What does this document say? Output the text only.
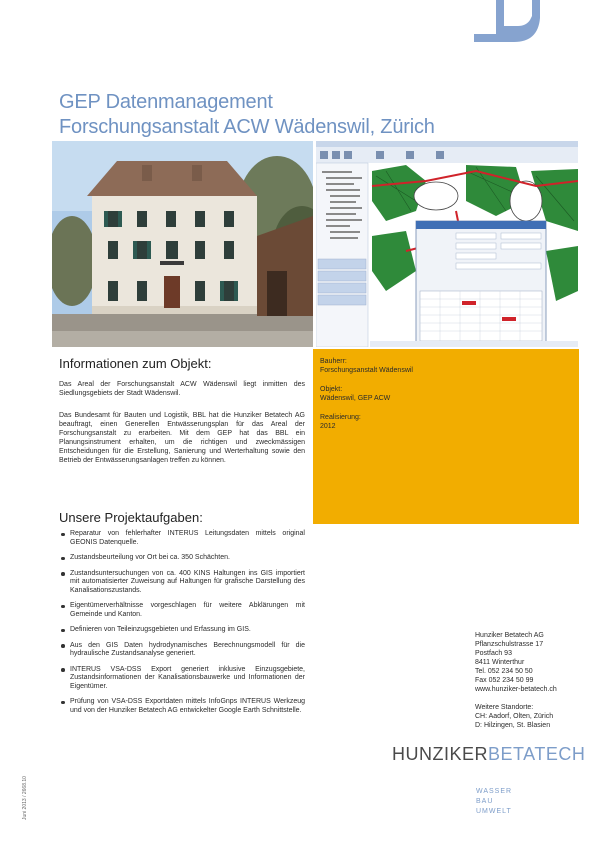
GEP Datenmanagement
Forschungsanstalt ACW Wädenswil, Zürich
Bauherr:
Forschungsanstalt Wädenswil
Objekt:
Wädenswil, GEP ACW
Realisierung:
2012
Informationen zum Objekt:
Das Areal der Forschungsanstalt ACW Wädenswil liegt inmitten des Siedlungsgebiets der Stadt Wädenswil.
Das Bundesamt für Bauten und Logistik, BBL hat die Hunziker Betatech AG beauftragt, einen Generellen Entwässerungsplan für das Areal der Forschungsanstalt zu erarbeiten. Mit dem GEP hat das BBL ein Planungsinstrument erhalten, um die richtigen und zweckmässigen Entscheidungen für die Erstellung, Sanierung und Werterhaltung sowie den Betrieb der Entwässerungsanlagen treffen zu können.
Unsere Projektaufgaben:
Reparatur von fehlerhafter INTERUS Leitungsdaten mittels original GEONIS Datenquelle.
Zustandsbeurteilung vor Ort bei ca. 350 Schächten.
Zustandsuntersuchungen von ca. 400 KINS Haltungen ins GIS importiert mit automatisierter Zuweisung auf Haltungen für grafische Darstellung des Kanalisationszustands.
Eigentümerverhältnisse vorgeschlagen für weitere Abklärungen mit Gemeinde und Kanton.
Definieren von Teileinzugsgebieten und Erfassung im GIS.
Aus den GIS Daten hydrodynamisches Berechnungsmodell für die hydraulische Zustandsanalyse generiert.
INTERUS VSA-DSS Export generiert inklusive Einzugsgebiete, Zustandsinformationen der Kanalisationsbauwerke und Informationen der Eigentümer.
Prüfung von VSA-DSS Exportdaten mittels InfoGnps INTERUS Werkzeug und von der Hunziker Betatech AG entwickelter Google Earth Schnittstelle.
Hunziker Betatech AG
Pflanzschulstrasse 17
Postfach 93
8411 Winterthur
Tel. 052 234 50 50
Fax 052 234 50 99
www.hunziker-betatech.ch
Weitere Standorte:
CH: Aadorf, Olten, Zürich
D: Hilzingen, St. Blasien
HUNZIKERBETATECH
WASSER
BAU
UMWELT
Juni 2013 / 2668.10
